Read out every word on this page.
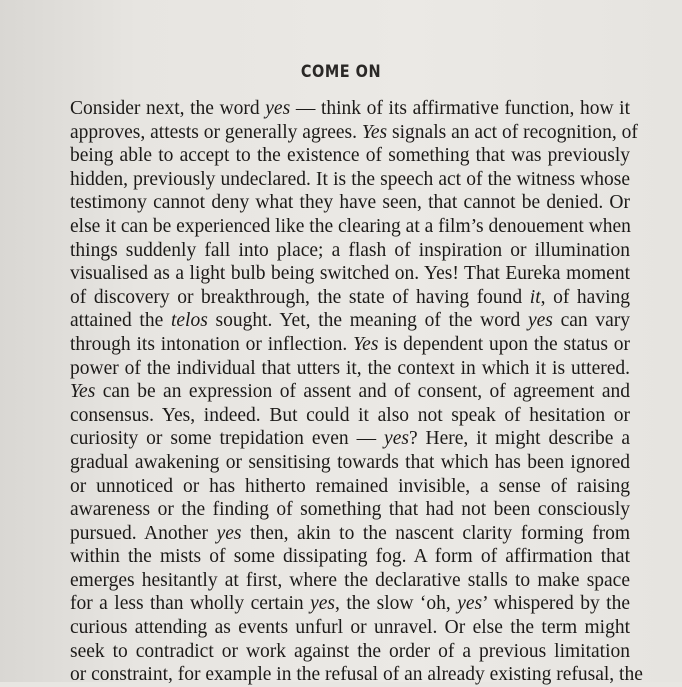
COME ON
Consider next, the word yes — think of its affirmative function, how it
approves, attests or generally agrees. Yes signals an act of recognition, of
being able to accept to the existence of something that was previously
hidden, previously undeclared. It is the speech act of the witness whose
testimony cannot deny what they have seen, that cannot be denied. Or
else it can be experienced like the clearing at a film’s denouement when
things suddenly fall into place; a flash of inspiration or illumination
visualised as a light bulb being switched on. Yes! That Eureka moment
of discovery or breakthrough, the state of having found it, of having
attained the telos sought. Yet, the meaning of the word yes can vary
through its intonation or inflection. Yes is dependent upon the status or
power of the individual that utters it, the context in which it is uttered.
Yes can be an expression of assent and of consent, of agreement and
consensus. Yes, indeed. But could it also not speak of hesitation or
curiosity or some trepidation even — yes? Here, it might describe a
gradual awakening or sensitising towards that which has been ignored
or unnoticed or has hitherto remained invisible, a sense of raising
awareness or the finding of something that had not been consciously
pursued. Another yes then, akin to the nascent clarity forming from
within the mists of some dissipating fog. A form of affirmation that
emerges hesitantly at first, where the declarative stalls to make space
for a less than wholly certain yes, the slow ‘oh, yes’ whispered by the
curious attending as events unfurl or unravel. Or else the term might
seek to contradict or work against the order of a previous limitation
or constraint, for example in the refusal of an already existing refusal, the
